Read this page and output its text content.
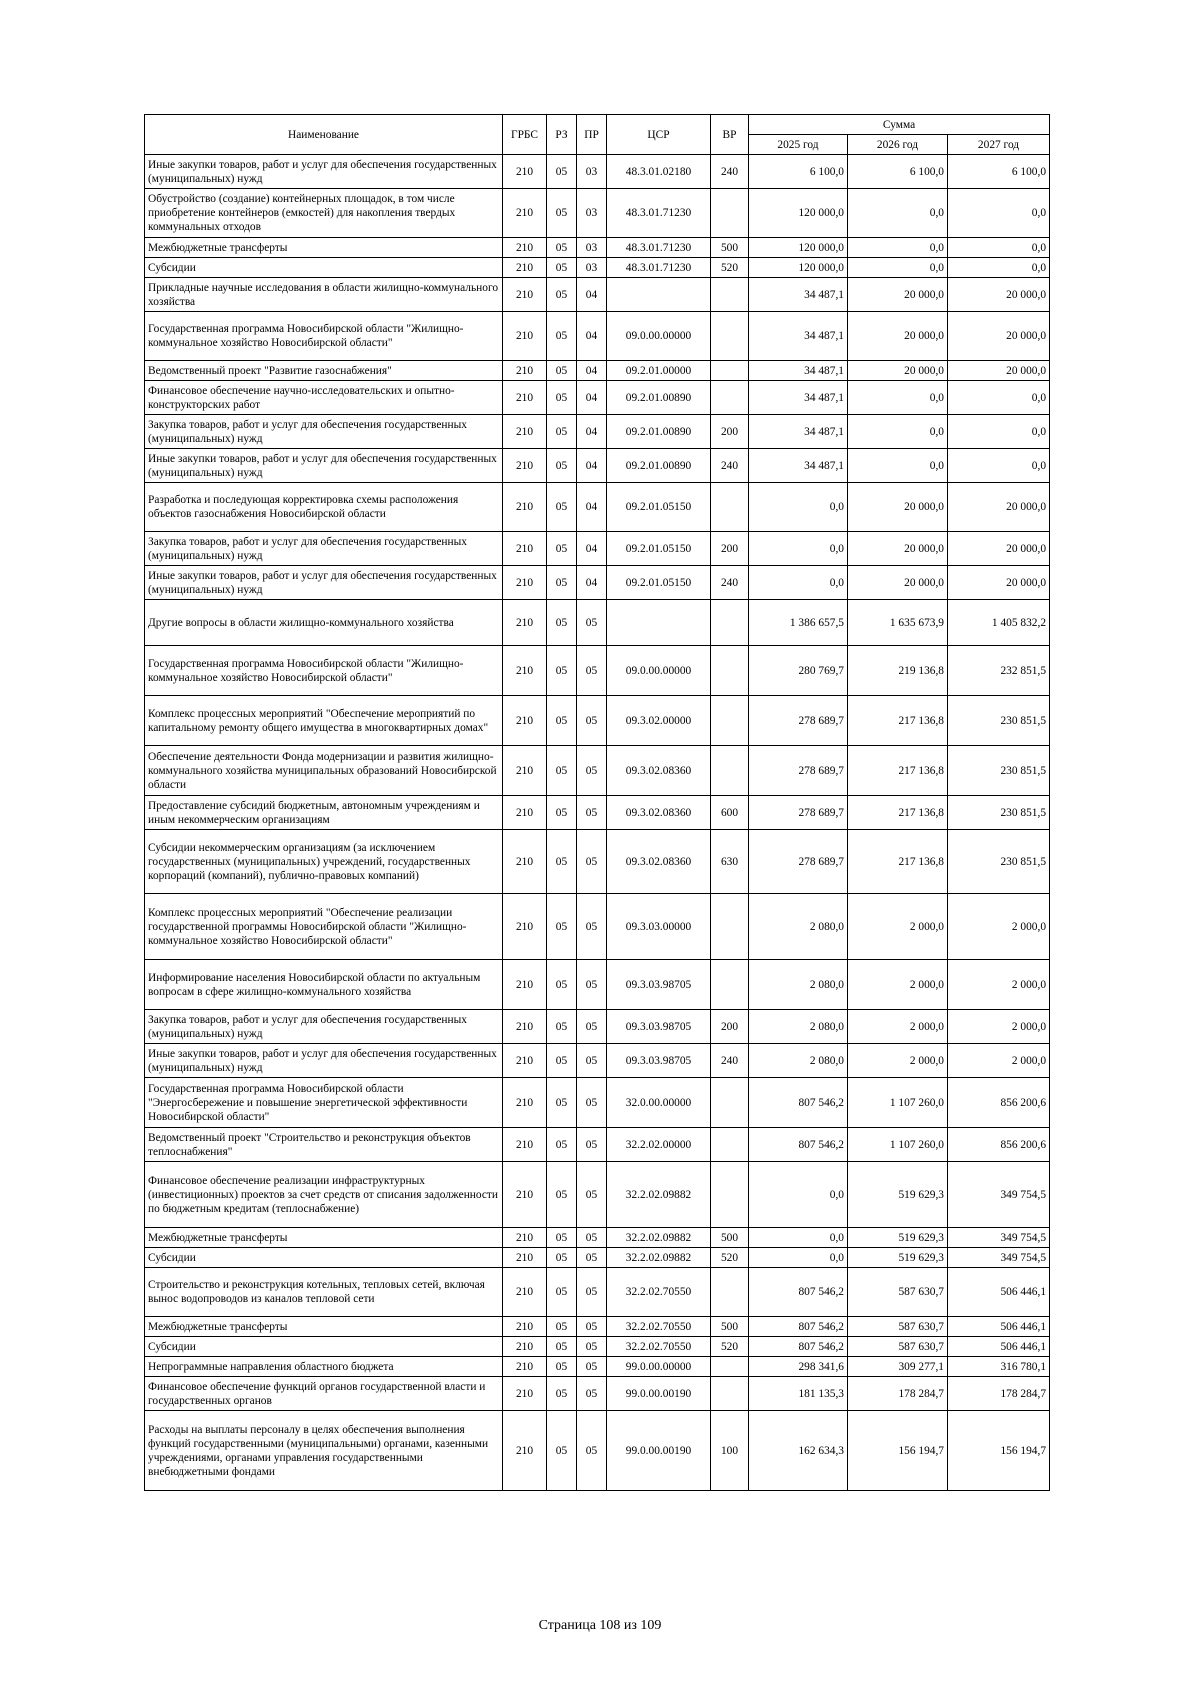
Наименование	ГРБС	РЗ	ПР	ЦСР	ВР	Сумма		
						2025 год	2026 год	2027 год
Иные закупки товаров, работ и услуг для обеспечения государственных (муниципальных) нужд	210	05	03	48.3.01.02180	240	6 100,0	6 100,0	6 100,0
Обустройство (создание) контейнерных площадок, в том числе приобретение контейнеров (емкостей) для накопления твердых коммунальных отходов	210	05	03	48.3.01.71230		120 000,0	0,0	0,0
Межбюджетные трансферты	210	05	03	48.3.01.71230	500	120 000,0	0,0	0,0
Субсидии	210	05	03	48.3.01.71230	520	120 000,0	0,0	0,0
Прикладные научные исследования в области жилищно-коммунального хозяйства	210	05	04			34 487,1	20 000,0	20 000,0
Государственная программа Новосибирской области "Жилищно-коммунальное хозяйство Новосибирской области"	210	05	04	09.0.00.00000		34 487,1	20 000,0	20 000,0
Ведомственный проект "Развитие газоснабжения"	210	05	04	09.2.01.00000		34 487,1	20 000,0	20 000,0
Финансовое обеспечение научно-исследовательских и опытно-конструкторских работ	210	05	04	09.2.01.00890		34 487,1	0,0	0,0
Закупка товаров, работ и услуг для обеспечения государственных (муниципальных) нужд	210	05	04	09.2.01.00890	200	34 487,1	0,0	0,0
Иные закупки товаров, работ и услуг для обеспечения государственных (муниципальных) нужд	210	05	04	09.2.01.00890	240	34 487,1	0,0	0,0
Разработка и последующая корректировка схемы расположения объектов газоснабжения Новосибирской области	210	05	04	09.2.01.05150		0,0	20 000,0	20 000,0
Закупка товаров, работ и услуг для обеспечения государственных (муниципальных) нужд	210	05	04	09.2.01.05150	200	0,0	20 000,0	20 000,0
Иные закупки товаров, работ и услуг для обеспечения государственных (муниципальных) нужд	210	05	04	09.2.01.05150	240	0,0	20 000,0	20 000,0
Другие вопросы в области жилищно-коммунального хозяйства	210	05	05			1 386 657,5	1 635 673,9	1 405 832,2
Государственная программа Новосибирской области "Жилищно-коммунальное хозяйство Новосибирской области"	210	05	05	09.0.00.00000		280 769,7	219 136,8	232 851,5
Комплекс процессных мероприятий "Обеспечение мероприятий по капитальному ремонту общего имущества в многоквартирных домах"	210	05	05	09.3.02.00000		278 689,7	217 136,8	230 851,5
Обеспечение деятельности Фонда модернизации и развития жилищно-коммунального хозяйства муниципальных образований Новосибирской области	210	05	05	09.3.02.08360		278 689,7	217 136,8	230 851,5
Предоставление субсидий бюджетным, автономным учреждениям и иным некоммерческим организациям	210	05	05	09.3.02.08360	600	278 689,7	217 136,8	230 851,5
Субсидии некоммерческим организациям (за исключением государственных (муниципальных) учреждений, государственных корпораций (компаний), публично-правовых компаний)	210	05	05	09.3.02.08360	630	278 689,7	217 136,8	230 851,5
Комплекс процессных мероприятий "Обеспечение реализации государственной программы Новосибирской области "Жилищно-коммунальное хозяйство Новосибирской области"	210	05	05	09.3.03.00000		2 080,0	2 000,0	2 000,0
Информирование населения Новосибирской области по актуальным вопросам в сфере жилищно-коммунального хозяйства	210	05	05	09.3.03.98705		2 080,0	2 000,0	2 000,0
Закупка товаров, работ и услуг для обеспечения государственных (муниципальных) нужд	210	05	05	09.3.03.98705	200	2 080,0	2 000,0	2 000,0
Иные закупки товаров, работ и услуг для обеспечения государственных (муниципальных) нужд	210	05	05	09.3.03.98705	240	2 080,0	2 000,0	2 000,0
Государственная программа Новосибирской области "Энергосбережение и повышение энергетической эффективности Новосибирской области"	210	05	05	32.0.00.00000		807 546,2	1 107 260,0	856 200,6
Ведомственный проект "Строительство и реконструкция объектов теплоснабжения"	210	05	05	32.2.02.00000		807 546,2	1 107 260,0	856 200,6
Финансовое обеспечение реализации инфраструктурных (инвестиционных) проектов за счет средств от списания задолженности по бюджетным кредитам (теплоснабжение)	210	05	05	32.2.02.09882		0,0	519 629,3	349 754,5
Межбюджетные трансферты	210	05	05	32.2.02.09882	500	0,0	519 629,3	349 754,5
Субсидии	210	05	05	32.2.02.09882	520	0,0	519 629,3	349 754,5
Строительство и реконструкция котельных, тепловых сетей, включая вынос водопроводов из каналов тепловой сети	210	05	05	32.2.02.70550		807 546,2	587 630,7	506 446,1
Межбюджетные трансферты	210	05	05	32.2.02.70550	500	807 546,2	587 630,7	506 446,1
Субсидии	210	05	05	32.2.02.70550	520	807 546,2	587 630,7	506 446,1
Непрограммные направления областного бюджета	210	05	05	99.0.00.00000		298 341,6	309 277,1	316 780,1
Финансовое обеспечение функций органов государственной власти и государственных органов	210	05	05	99.0.00.00190		181 135,3	178 284,7	178 284,7
Расходы на выплаты персоналу в целях обеспечения выполнения функций государственными (муниципальными) органами, казенными учреждениями, органами управления государственными внебюджетными фондами	210	05	05	99.0.00.00190	100	162 634,3	156 194,7	156 194,7
Страница 108 из 109
